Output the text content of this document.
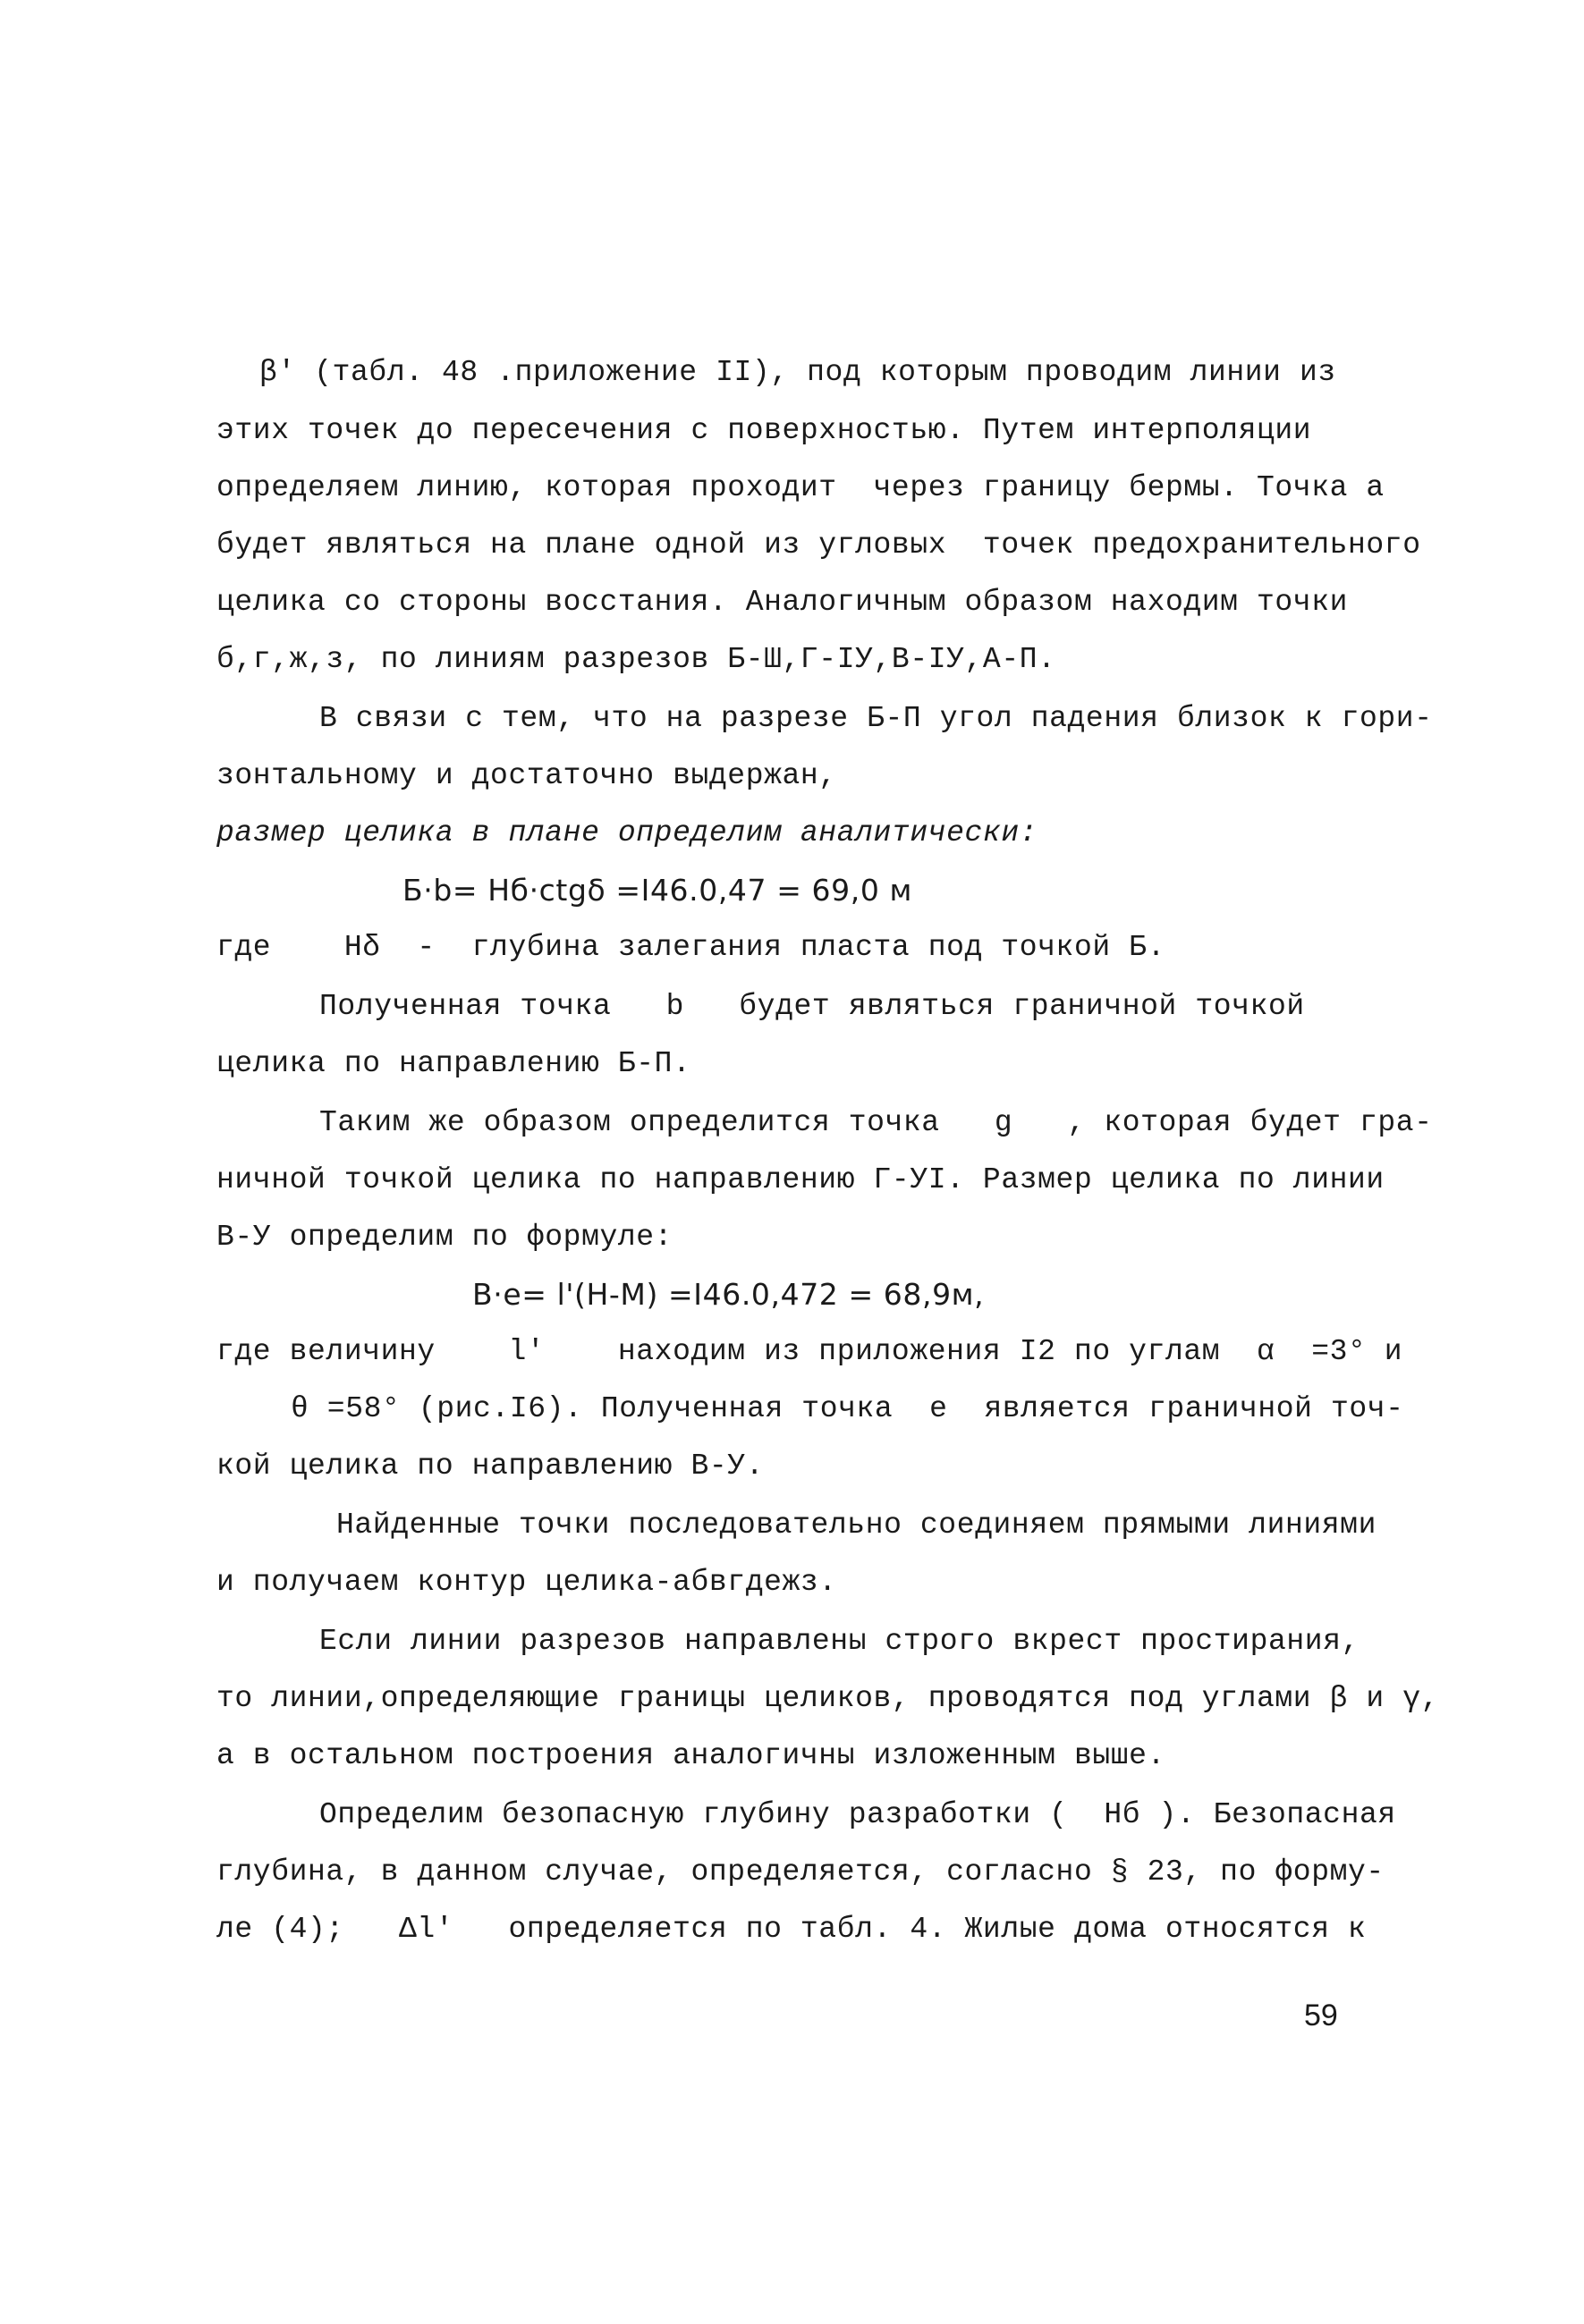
β' (табл. 48 .приложение II), под которым проводим линии из
этих точек до пересечения с поверхностью. Путем интерполяции
определяем линию, которая проходит  через границу бермы. Точка a
будет являться на плане одной из угловых  точек предохранительного
целика со стороны восстания. Аналогичным образом находим точки
б,г,ж,з, по линиям разрезов Б-Ш,Г-IУ,В-IУ,А-П.
В связи с тем, что на разрезе Б-П угол падения близок к гори-
зонтальному и достаточно выдержан,
размер целика в плане определим аналитически:
Б·b= Hб·ctgδ =I46.0,47 = 69,0 м
где    Hδ  -  глубина залегания пласта под точкой Б.
Полученная точка   b   будет являться граничной точкой
целика по направлению Б-П.
Таким же образом определится точка   g   , которая будет гра-
ничной точкой целика по направлению Г-УI. Размер целика по линии
В-У определим по формуле:
В·е= l'(H-M) =I46.0,472 = 68,9м,
где величину    l'    находим из приложения I2 по углам  α  =3° и
θ =58° (рис.I6). Полученная точка  е  является граничной точ-
кой целика по направлению В-У.
Найденные точки последовательно соединяем прямыми линиями
и получаем контур целика-абвгдежз.
Если линии разрезов направлены строго вкрест простирания,
то линии,определяющие границы целиков, проводятся под углами β и γ,
а в остальном построения аналогичны изложенным выше.
Определим безопасную глубину разработки (  Hб ). Безопасная
глубина, в данном случае, определяется, согласно § 23, по форму-
ле (4);   Δl'   определяется по табл. 4. Жилые дома относятся к
59
